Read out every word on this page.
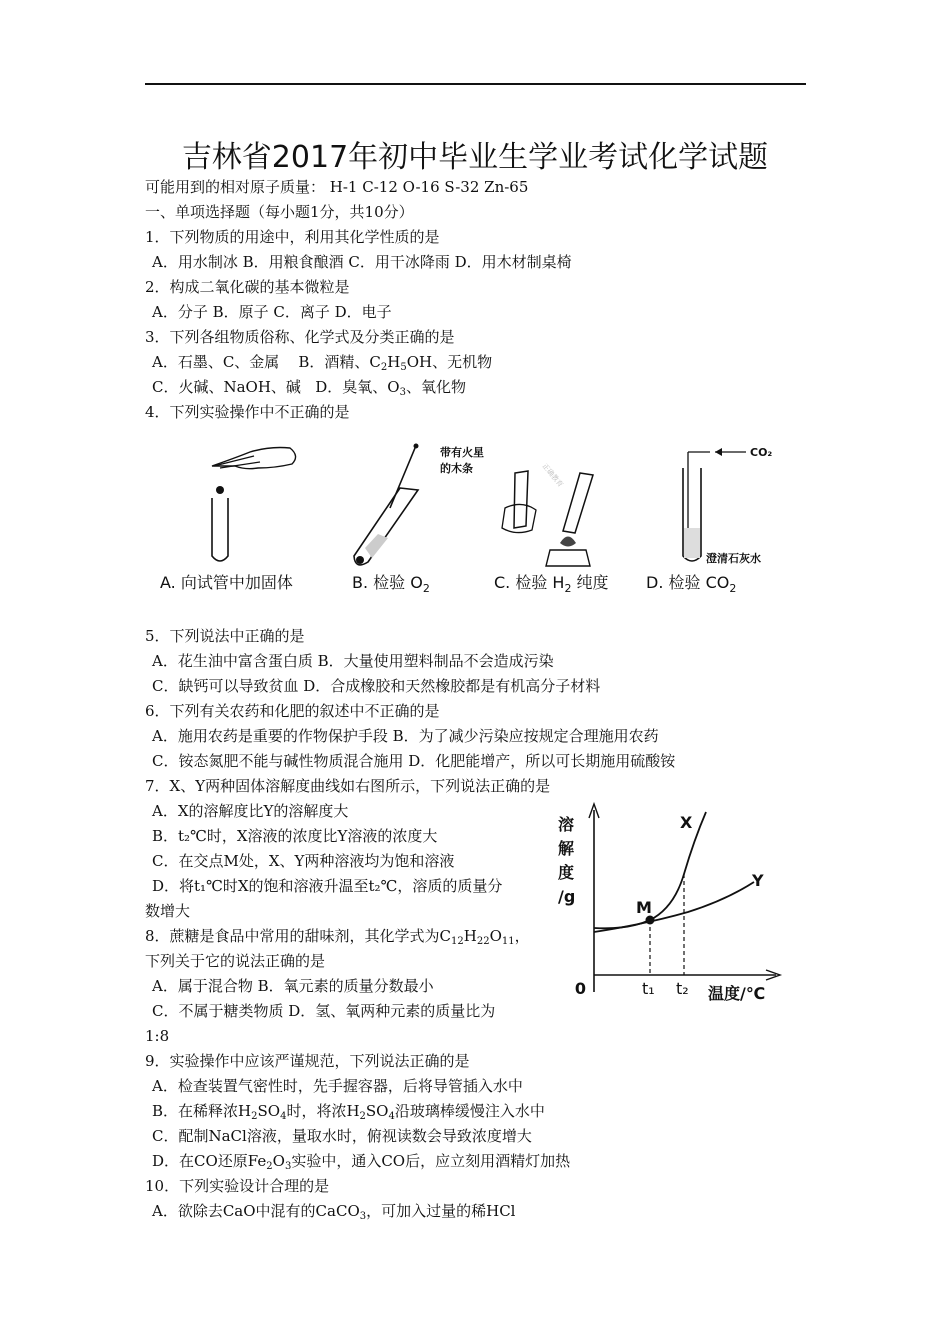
吉林省2017年初中毕业生学业考试化学试题
可能用到的相对原子质量： H-1 C-12 O-16 S-32 Zn-65
一、单项选择题（每小题1分，共10分）
1．下列物质的用途中，利用其化学性质的是
A．用水制冰 B．用粮食酿酒 C．用干冰降雨 D．用木材制桌椅
2．构成二氧化碳的基本微粒是
A．分子 B．原子 C．离子 D．电子
3．下列各组物质俗称、化学式及分类正确的是
A．石墨、C、金属 B．酒精、$C_2H_5OH$、无机物
C．火碱、NaOH、碱 D．臭氧、$O_3$、氧化物
4．下列实验操作中不正确的是
A. 向试管中加固体
带有火星
的木条
B. 检验 $O_2$
正确教育
C. 检验 $H_2$ 纯度
CO₂
澄清石灰水
D. 检验 $CO_2$
5．下列说法中正确的是
A．花生油中富含蛋白质 B．大量使用塑料制品不会造成污染
C．缺钙可以导致贫血 D．合成橡胶和天然橡胶都是有机高分子材料
6．下列有关农药和化肥的叙述中不正确的是
A．施用农药是重要的作物保护手段 B．为了减少污染应按规定合理施用农药
C．铵态氮肥不能与碱性物质混合施用 D．化肥能增产，所以可长期施用硫酸铵
7．X、Y两种固体溶解度曲线如右图所示，下列说法正确的是
A．X的溶解度比Y的溶解度大
B．t₂℃时，X溶液的浓度比Y溶液的浓度大
C．在交点M处，X、Y两种溶液均为饱和溶液
D．将t₁℃时X的饱和溶液升温至t₂℃，溶质的质量分
数增大
溶
解
度
/g
0	温度/℃
M
X
Y
t₁ t₂
8．蔗糖是食品中常用的甜味剂，其化学式为$C_{12}H_{22}O_{11}$，
下列关于它的说法正确的是
A．属于混合物 B．氧元素的质量分数最小
C．不属于糖类物质 D．氢、氧两种元素的质量比为
1:8
9．实验操作中应该严谨规范，下列说法正确的是
A．检查装置气密性时，先手握容器，后将导管插入水中
B．在稀释浓$H_2SO_4$时，将浓$H_2SO_4$沿玻璃棒缓慢注入水中
C．配制NaCl溶液，量取水时，俯视读数会导致浓度增大
D．在CO还原$Fe_2O_3$实验中，通入CO后，应立刻用酒精灯加热
10．下列实验设计合理的是
A．欲除去CaO中混有的CaCO$_3$，可加入过量的稀HCl
